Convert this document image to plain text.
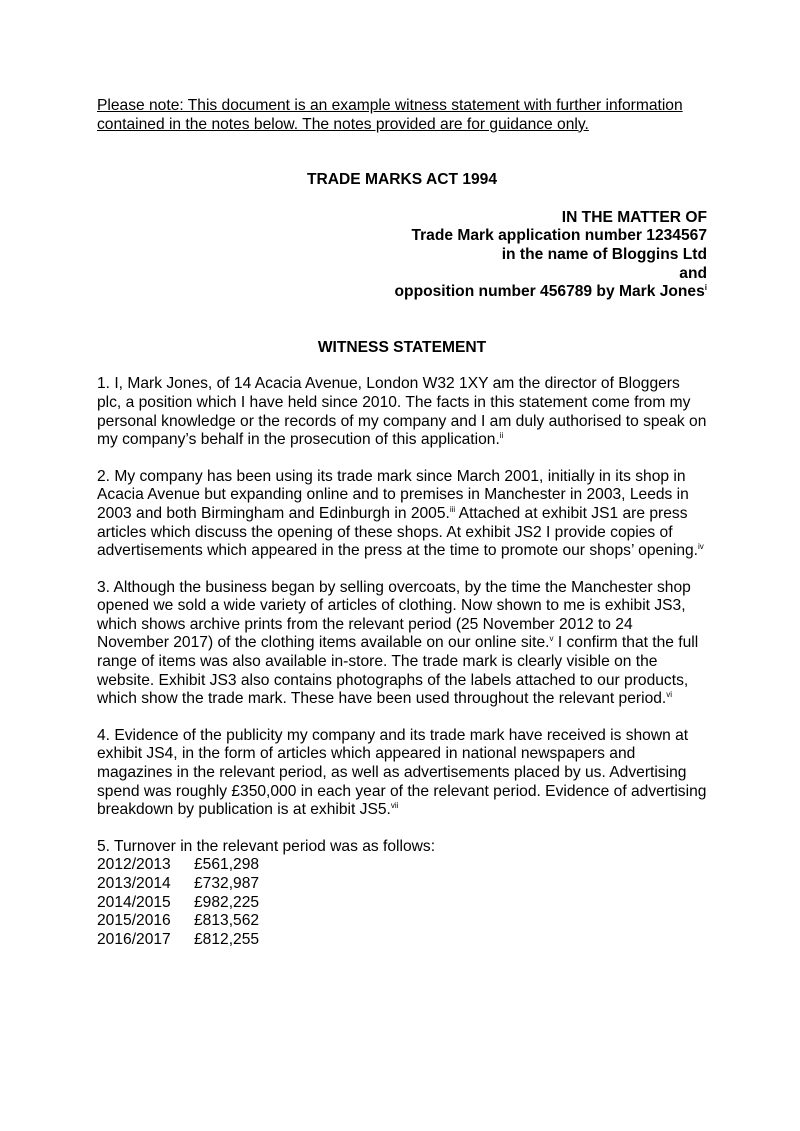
Please note: This document is an example witness statement with further information contained in the notes below. The notes provided are for guidance only.

TRADE MARKS ACT 1994

IN THE MATTER OF
Trade Mark application number 1234567
in the name of Bloggins Ltd
and
opposition number 456789 by Mark Jones$^i$

WITNESS STATEMENT

1. I, Mark Jones, of 14 Acacia Avenue, London W32 1XY am the director of Bloggers plc, a position which I have held since 2010. The facts in this statement come from my personal knowledge or the records of my company and I am duly authorised to speak on my company’s behalf in the prosecution of this application.$^{ii}$

2. My company has been using its trade mark since March 2001, initially in its shop in Acacia Avenue but expanding online and to premises in Manchester in 2003, Leeds in 2003 and both Birmingham and Edinburgh in 2005.$^{iii}$ Attached at exhibit JS1 are press articles which discuss the opening of these shops. At exhibit JS2 I provide copies of advertisements which appeared in the press at the time to promote our shops’ opening.$^{iv}$

3. Although the business began by selling overcoats, by the time the Manchester shop opened we sold a wide variety of articles of clothing. Now shown to me is exhibit JS3, which shows archive prints from the relevant period (25 November 2012 to 24 November 2017) of the clothing items available on our online site.$^v$ I confirm that the full range of items was also available in-store. The trade mark is clearly visible on the website. Exhibit JS3 also contains photographs of the labels attached to our products, which show the trade mark. These have been used throughout the relevant period.$^{vi}$

4. Evidence of the publicity my company and its trade mark have received is shown at exhibit JS4, in the form of articles which appeared in national newspapers and magazines in the relevant period, as well as advertisements placed by us. Advertising spend was roughly £350,000 in each year of the relevant period. Evidence of advertising breakdown by publication is at exhibit JS5.$^{vii}$

5. Turnover in the relevant period was as follows:
2012/2013	£561,298
2013/2014	£732,987
2014/2015	£982,225
2015/2016	£813,562
2016/2017	£812,255
